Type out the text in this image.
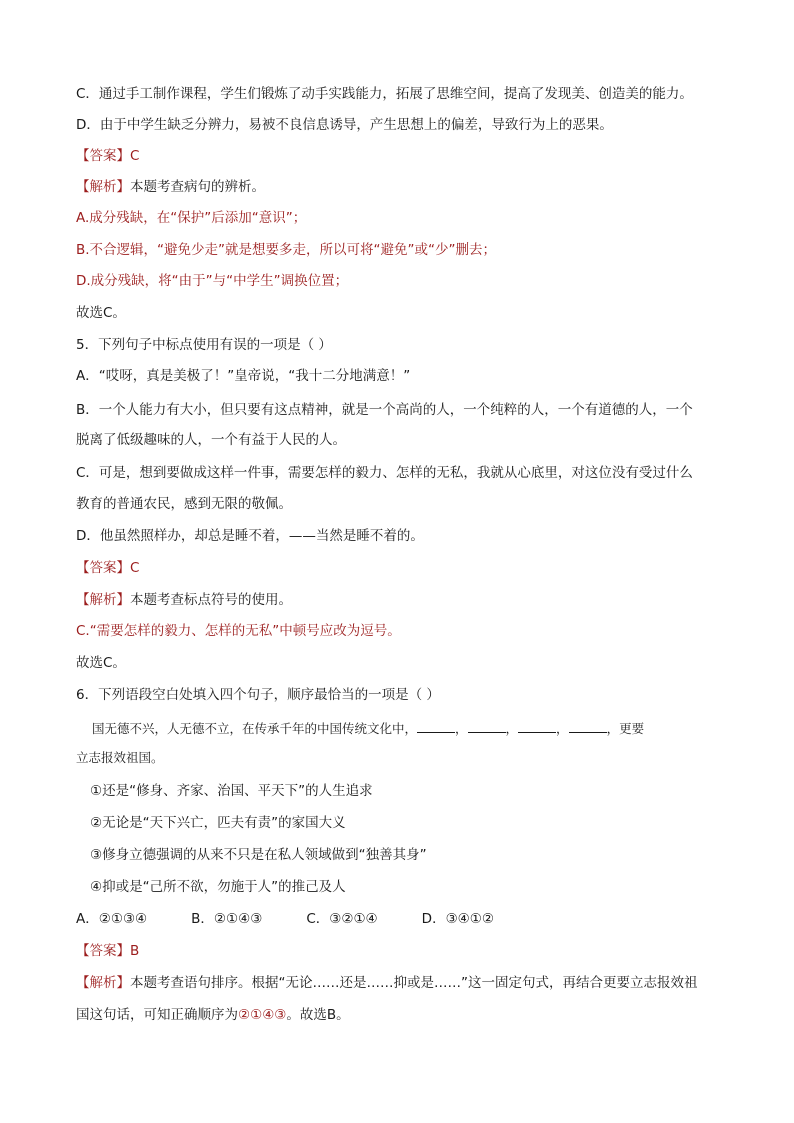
C．通过手工制作课程，学生们锻炼了动手实践能力，拓展了思维空间，提高了发现美、创造美的能力。
D．由于中学生缺乏分辨力，易被不良信息诱导，产生思想上的偏差，导致行为上的恶果。
【答案】C
【解析】本题考查病句的辨析。
A.成分残缺，在“保护”后添加“意识”；
B.不合逻辑，“避免少走”就是想要多走，所以可将“避免”或“少”删去；
D.成分残缺，将“由于”与“中学生”调换位置；
故选C。
5．下列句子中标点使用有误的一项是（ ）
A．“哎呀，真是美极了！”皇帝说，“我十二分地满意！”
B．一个人能力有大小，但只要有这点精神，就是一个高尚的人，一个纯粹的人，一个有道德的人，一个
脱离了低级趣味的人，一个有益于人民的人。
C．可是，想到要做成这样一件事，需要怎样的毅力、怎样的无私，我就从心底里，对这位没有受过什么
教育的普通农民，感到无限的敬佩。
D．他虽然照样办，却总是睡不着，——当然是睡不着的。
【答案】C
【解析】本题考查标点符号的使用。
C.“需要怎样的毅力、怎样的无私”中顿号应改为逗号。
故选C。
6．下列语段空白处填入四个句子，顺序最恰当的一项是（ ）
国无德不兴，人无德不立，在传承千年的中国传统文化中，	，	，	，	，更要
立志报效祖国。
①还是“修身、齐家、治国、平天下”的人生追求
②无论是“天下兴亡，匹夫有责”的家国大义
③修身立德强调的从来不只是在私人领域做到“独善其身”
④抑或是“己所不欲，勿施于人”的推己及人
A．②①③④	B．②①④③	C．③②①④	D．③④①②
【答案】B
【解析】本题考查语句排序。根据“无论……还是……抑或是……”这一固定句式，再结合更要立志报效祖
国这句话，可知正确顺序为②①④③。故选B。
